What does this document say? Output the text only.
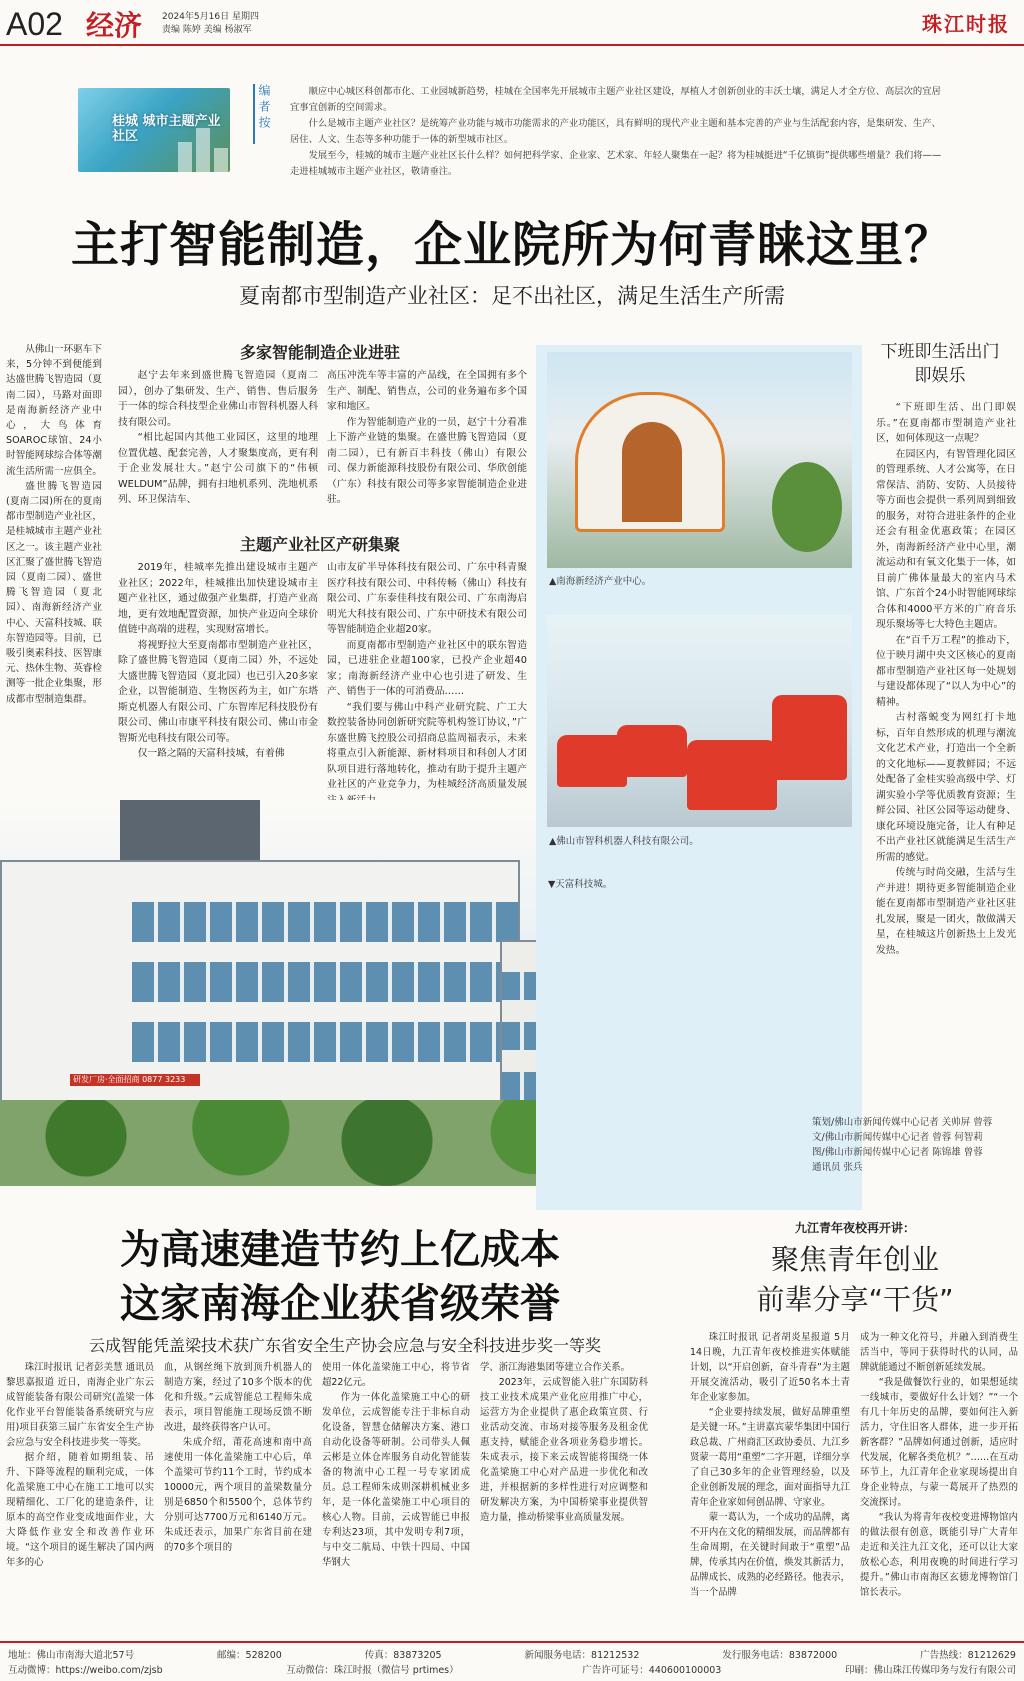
A02 经济 2024年5月16日 星期四
责编 陈婷 美编 杨淑军	珠江时报
桂城 城市主题产业社区
编者按	顺应中心城区科创都市化、工业园城新趋势，桂城在全国率先开展城市主题产业社区建设，厚植人才创新创业的丰沃土壤，满足人才全方位、高层次的宜居宜事宜创新的空间需求。

什么是城市主题产业社区？是统筹产业功能与城市功能需求的产业功能区，具有鲜明的现代产业主题和基本完善的产业与生活配套内容，是集研发、生产、居住、人文、生态等多种功能于一体的新型城市社区。

发展至今，桂城的城市主题产业社区长什么样？如何把科学家、企业家、艺术家、年轻人聚集在一起？将为桂城挺进“千亿镇街”提供哪些增量？我们将——走进桂城城市主题产业社区，敬请垂注。

主打智能制造，企业院所为何青睐这里？
夏南都市型制造产业社区：足不出社区，满足生活生产所需

从佛山一环驱车下来，5分钟不到便能到达盛世腾飞智造园（夏南二园），马路对面即是南海新经济产业中心，大鸟体育SOAROC球馆、24小时智能网球综合体等潮流生活所需一应俱全。

盛世腾飞智造园(夏南二园)所在的夏南都市型制造产业社区，是桂城城市主题产业社区之一。该主题产业社区汇聚了盛世腾飞智造园（夏南二园）、盛世腾飞智造园（夏北园）、南海新经济产业中心、天富科技城、联东智造园等。目前，已吸引奥素科技、医智康元、热休生物、英睿检测等一批企业集聚，形成都市型制造集群。

多家智能制造企业进驻

赵宁去年来到盛世腾飞智造园（夏南二园），创办了集研发、生产、销售、售后服务于一体的综合科技型企业佛山市智科机器人科技有限公司。

“相比起国内其他工业园区，这里的地理位置优越、配套完善，人才聚集度高，更有利于企业发展壮大。”赵宁公司旗下的“伟顿WELDUM”品牌，拥有扫地机系列、洗地机系列、环卫保洁车、

高压冲洗车等丰富的产品线，在全国拥有多个生产、制配、销售点，公司的业务遍布多个国家和地区。

作为智能制造产业的一员，赵宁十分看准上下游产业链的集聚。在盛世腾飞智造园（夏南二园），已有新百丰科技（佛山）有限公司、保力新能源科技股份有限公司、华欣创能（广东）科技有限公司等多家智能制造企业进驻。

主题产业社区产研集聚

2019年，桂城率先推出建设城市主题产业社区；2022年，桂城推出加快建设城市主题产业社区，通过做强产业集群，打造产业高地，更有效地配置资源，加快产业迈向全球价值链中高端的进程，实现财富增长。

将视野拉大至夏南都市型制造产业社区，除了盛世腾飞智造园（夏南二园）外，不远处大盛世腾飞智造园（夏北园）也已引入20多家企业，以智能制造、生物医药为主，如广东塔斯克机器人有限公司、广东智库尼科技股份有限公司、佛山市康平科技有限公司、佛山市金智斯光电科技有限公司等。

仅一路之隔的天富科技城，有着佛

山市友矿半导体科技有限公司、广东中科青聚医疗科技有限公司、中科传畅（佛山）科技有限公司、广东泰佳科技有限公司、广东南海启明光大科技有限公司、广东中研技术有限公司等智能制造企业超20家。

而夏南都市型制造产业社区中的联东智造园，已进驻企业超100家，已投产企业超40家；南海新经济产业中心也引进了研发、生产、销售于一体的可消费品……

“我们要与佛山中科产业研究院、广工大数控装备协同创新研究院等机构签订协议，”广东盛世腾飞控股公司招商总监周福表示，未来将重点引入新能源、新材料项目和科创人才团队项目进行落地转化，推动有助于提升主题产业社区的产业竞争力，为桂城经济高质量发展

研发厂房·全面招商 0877 3233
▲南海新经济产业中心。
▲佛山市智科机器人科技有限公司。
▼天富科技城。
下班即生活出门即娱乐

“下班即生活、出门即娱乐。”在夏南都市型制造产业社区，如何体现这一点呢？

在园区内，有智管理化园区的管理系统、人才公寓等，在日常保洁、消防、安防、人员接待等方面也会提供一系列周到细致的服务，对符合进驻条件的企业还会有租金优惠政策；在园区外，南海新经济产业中心里，潮流运动和有氧文化集于一体，如目前广佛体量最大的室内马术馆、广东首个24小时智能网球综合体和4000平方米的广府音乐现乐聚场等七大特色主题店。

在“百千万工程”的推动下，位于映月湖中央文区核心的夏南都市型制造产业社区每一处规划与建设都体现了“以人为中心”的精神。

古村落蜕变为网红打卡地标，百年自然形成的机理与潮流文化艺术产业，打造出一个全新的文化地标——夏教鲜园；不远处配备了金桂实验高级中学、灯湖实验小学等优质教育资源；生鲜公园、社区公园等运动健身、康化环境设施完备，让人有种足不出产业社区就能满足生活生产所需的感觉。

传统与时尚交融，生活与生产并进！期待更多智能制造企业能在夏南都市型制造产业社区驻扎发展，聚是一团火，散做满天星，在桂城这片创新热土上发光发热。

策划/佛山市新闻传媒中心记者 关帅屏 曾蓉
文/佛山市新闻传媒中心记者 曾蓉 何智莉
图/佛山市新闻传媒中心记者 陈锦雄 曾蓉
通讯员 张兵
为高速建造节约上亿成本
这家南海企业获省级荣誉
云成智能凭盖梁技术获广东省安全生产协会应急与安全科技进步奖一等奖

珠江时报讯 记者彭美慧 通讯员黎思嘉报道 近日，南海企业广东云成智能装备有限公司研究(盖梁一体化作业平台智能装备系统研究与应用)项目获第三届广东省安全生产协会应急与安全科技进步奖一等奖。

据介绍，随着如期组装、吊升、下降等流程的顺利完成，一体化盖梁施工中心在施工工地可以实现精细化、工厂化的建造条件，让原本的高空作业变成地面作业，大大降低作业安全和改善作业环境。“这个项目的诞生解决了国内两年多的心

血，从钢丝绳下放到顶升机器人的制造方案，经过了10多个版本的优化和升级。”云成智能总工程师朱成表示，项目智能施工现场反馈不断改进，最终获得客户认可。

朱成介绍，莆花高速和南中高速使用一体化盖梁施工中心后，单个盖梁可节约11个工时，节约成本10000元，两个项目的盖梁数量分别是6850个和5500个，总体节约分别可达7700万元和6140万元。朱成还表示，加果广东省目前在建的70多个项目的

使用一体化盖梁施工中心，将节省超22亿元。

作为一体化盖梁施工中心的研发单位，云成智能专注于非标自动化设备，智慧仓储解决方案、港口自动化设备等研制。公司带头人佩云彬是立体仓库服务自动化智能装备的物流中心工程一号专家团成员。总工程师朱成则深耕机械业多年，是一体化盖梁施工中心项目的核心人物。目前，云成智能已申报专利达23项，其中发明专利7项，与中交二航局、中铁十四局、中国华钢大

学、浙江海港集团等建立合作关系。

2023年，云成智能入驻广东国防科技工业技术成果产业化应用推广中心，运营方为企业提供了惠企政策宣贯、行业活动交流、市场对接等服务及租金优惠支持，赋能企业各项业务稳步增长。朱成表示，接下来云成智能将围绕一体化盖梁施工中心对产品进一步优化和改进，并根据新的多样性进行对应调整和研发解决方案，为中国桥梁事业提供智造力量，推动桥梁事业高质量发展。

九江青年夜校再开讲：
聚焦青年创业
前辈分享“干货”

珠江时报讯 记者胡炎星报道 5月14日晚，九江青年夜校推进实体赋能计划，以“开启创新，奋斗青春”为主题开展交流活动，吸引了近50名本土青年企业家参加。

“企业要持续发展，做好品牌重塑是关键一环。”主讲嘉宾蒙华集团中国行政总裁、广州商汇区政协委员、九江乡贤蒙一葛用“重塑”二字开题，详细分享了自己30多年的企业管理经验，以及企业创新发展的理念，面对面指导九江青年企业家如何创品牌、守家业。

蒙一葛认为，一个成功的品牌，离不开内在文化的精细发展，而品牌都有生命周期，在关键时间敢于“重塑”品牌，传承其内在价值，焕发其新活力，品牌成长、成熟的必经路径。他表示，当一个品牌

成为一种文化符号，并融入到消费生活当中，等同于获得时代的认同，品牌就能通过不断创新延续发展。

“我是做餐饮行业的，如果想延续一线城市，要做好什么计划？”“一个有几十年历史的品牌，要如何注入新活力，守住旧客人群体，进一步开拓新客群？”品牌如何通过创新，适应时代发展，化解各类危机？”……在互动环节上，九江青年企业家现场提出自身企业特点，与蒙一葛展开了热烈的交流探讨。

“我认为将青年夜校变进博物馆内的做法很有创意，既能引导广大青年走近和关注九江文化，还可以让大家放松心态，利用夜晚的时间进行学习提升。”佛山市南海区玄德龙博物馆门馆长表示。

地址：佛山市南海大道北57号	邮编：528200	传真：83873205	新闻服务电话：81212532	发行服务电话：83872000	广告热线：81212629
互动微博：https://weibo.com/zjsb	互动微信：珠江时报（微信号 prtimes）	广告许可证号：440600100003	印刷：佛山珠江传媒印务与发行有限公司
